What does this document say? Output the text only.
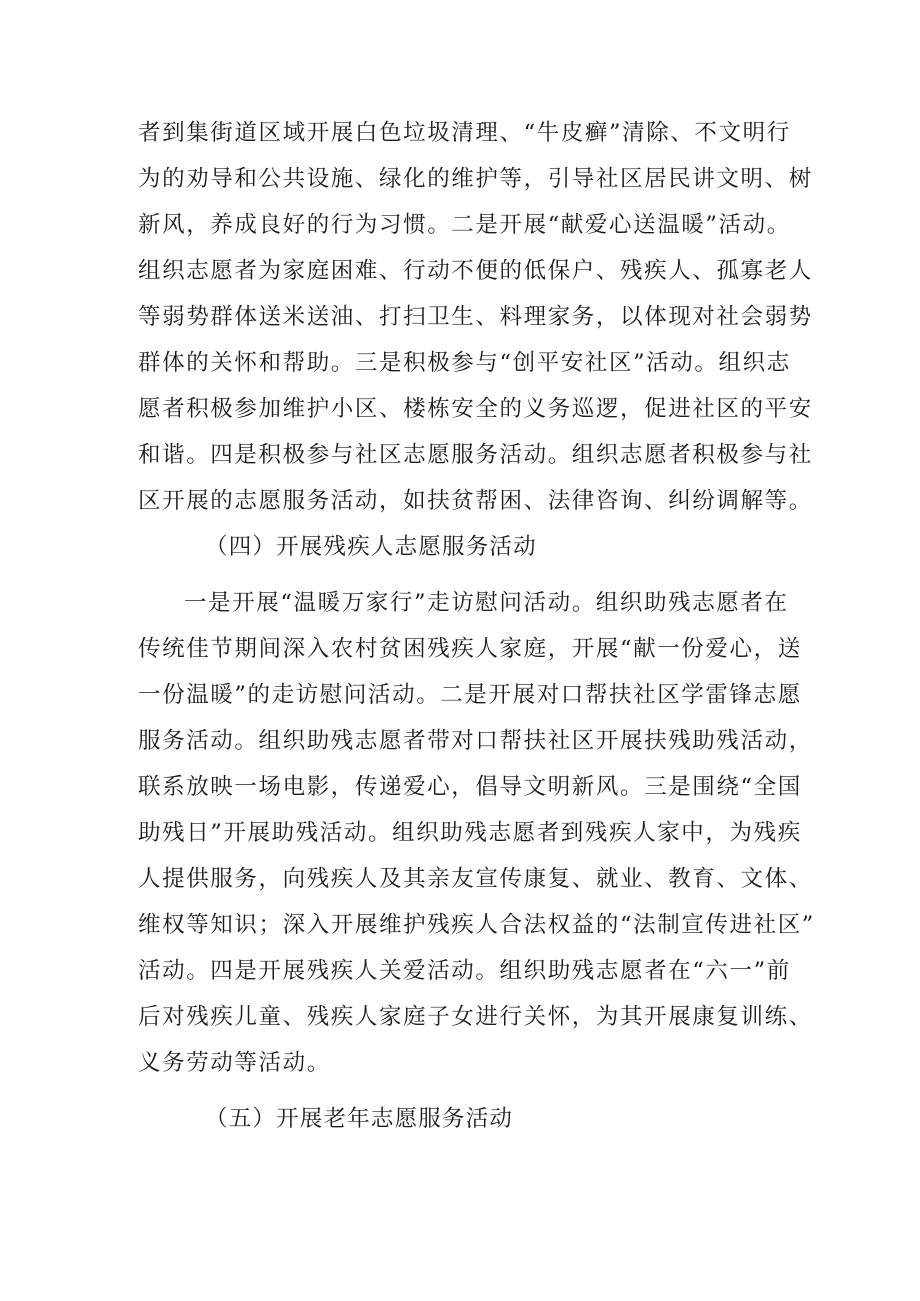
者到集街道区域开展白色垃圾清理、“牛皮癣”清除、不文明行
为的劝导和公共设施、绿化的维护等，引导社区居民讲文明、树
新风，养成良好的行为习惯。二是开展“献爱心送温暖”活动。
组织志愿者为家庭困难、行动不便的低保户、残疾人、孤寡老人
等弱势群体送米送油、打扫卫生、料理家务，以体现对社会弱势
群体的关怀和帮助。三是积极参与“创平安社区”活动。组织志
愿者积极参加维护小区、楼栋安全的义务巡逻，促进社区的平安
和谐。四是积极参与社区志愿服务活动。组织志愿者积极参与社
区开展的志愿服务活动，如扶贫帮困、法律咨询、纠纷调解等。
（四）开展残疾人志愿服务活动
一是开展“温暖万家行”走访慰问活动。组织助残志愿者在
传统佳节期间深入农村贫困残疾人家庭，开展“献一份爱心，送
一份温暖”的走访慰问活动。二是开展对口帮扶社区学雷锋志愿
服务活动。组织助残志愿者带对口帮扶社区开展扶残助残活动，
联系放映一场电影，传递爱心，倡导文明新风。三是围绕“全国
助残日”开展助残活动。组织助残志愿者到残疾人家中，为残疾
人提供服务，向残疾人及其亲友宣传康复、就业、教育、文体、
维权等知识；深入开展维护残疾人合法权益的“法制宣传进社区”
活动。四是开展残疾人关爱活动。组织助残志愿者在“六一”前
后对残疾儿童、残疾人家庭子女进行关怀，为其开展康复训练、
义务劳动等活动。
（五）开展老年志愿服务活动
